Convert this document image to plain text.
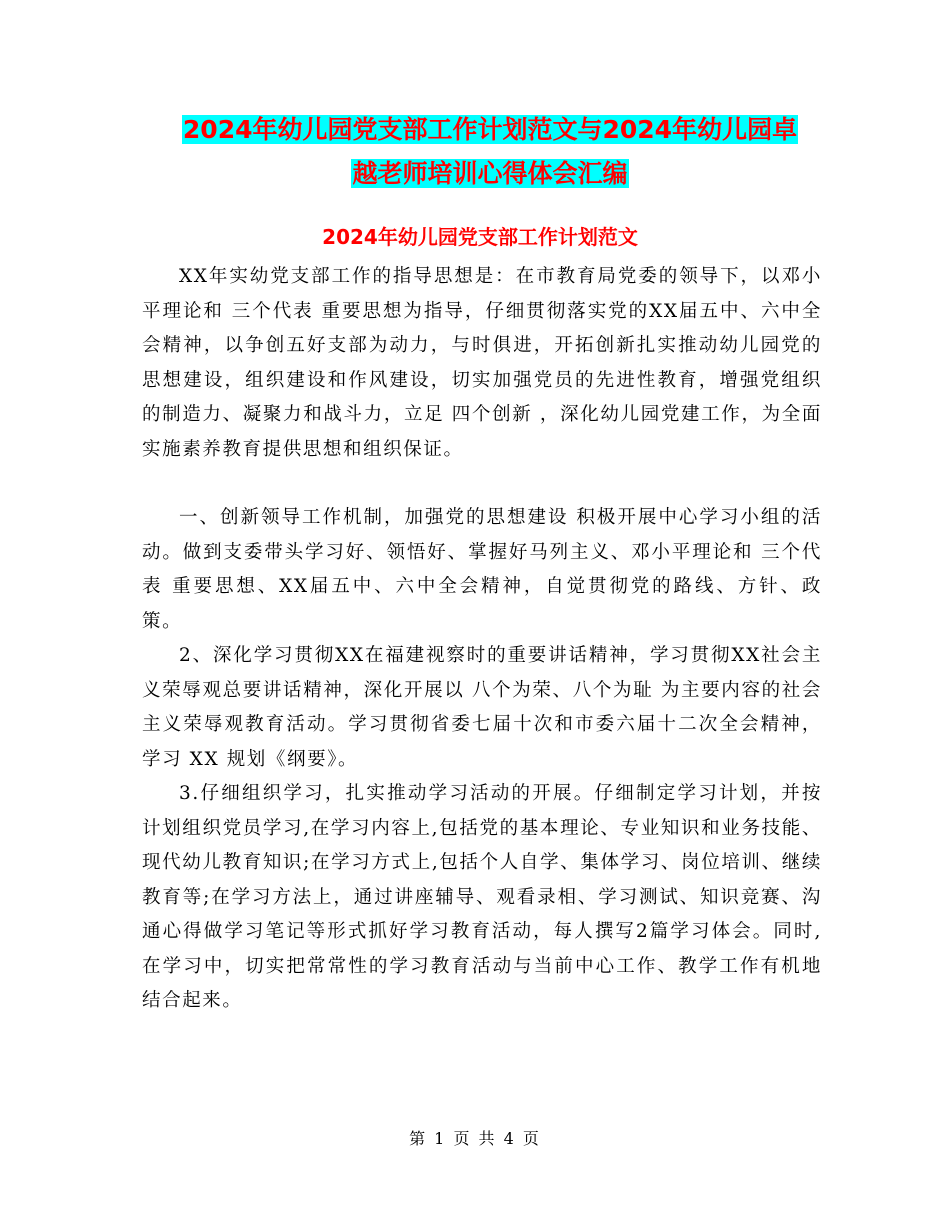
2024年幼儿园党支部工作计划范文与2024年幼儿园卓
越老师培训心得体会汇编
2024年幼儿园党支部工作计划范文

XX年实幼党支部工作的指导思想是：在市教育局党委的领导下，以邓小平理论和 三个代表 重要思想为指导，仔细贯彻落实党的XX届五中、六中全会精神，以争创五好支部为动力，与时俱进，开拓创新扎实推动幼儿园党的思想建设，组织建设和作风建设，切实加强党员的先进性教育，增强党组织的制造力、凝聚力和战斗力，立足 四个创新 ，深化幼儿园党建工作，为全面实施素养教育提供思想和组织保证。

一、创新领导工作机制，加强党的思想建设 积极开展中心学习小组的活动。做到支委带头学习好、领悟好、掌握好马列主义、邓小平理论和 三个代表 重要思想、XX届五中、六中全会精神，自觉贯彻党的路线、方针、政策。

2、深化学习贯彻XX在福建视察时的重要讲话精神，学习贯彻XX社会主义荣辱观总要讲话精神，深化开展以 八个为荣、八个为耻 为主要内容的社会主义荣辱观教育活动。学习贯彻省委七届十次和市委六届十二次全会精神，学习 XX 规划《纲要》。

3.仔细组织学习，扎实推动学习活动的开展。仔细制定学习计划，并按计划组织党员学习,在学习内容上,包括党的基本理论、专业知识和业务技能、现代幼儿教育知识;在学习方式上,包括个人自学、集体学习、岗位培训、继续教育等;在学习方法上，通过讲座辅导、观看录相、学习测试、知识竞赛、沟通心得做学习笔记等形式抓好学习教育活动，每人撰写2篇学习体会。同时,在学习中，切实把常常性的学习教育活动与当前中心工作、教学工作有机地结合起来。

第 1 页 共 4 页
